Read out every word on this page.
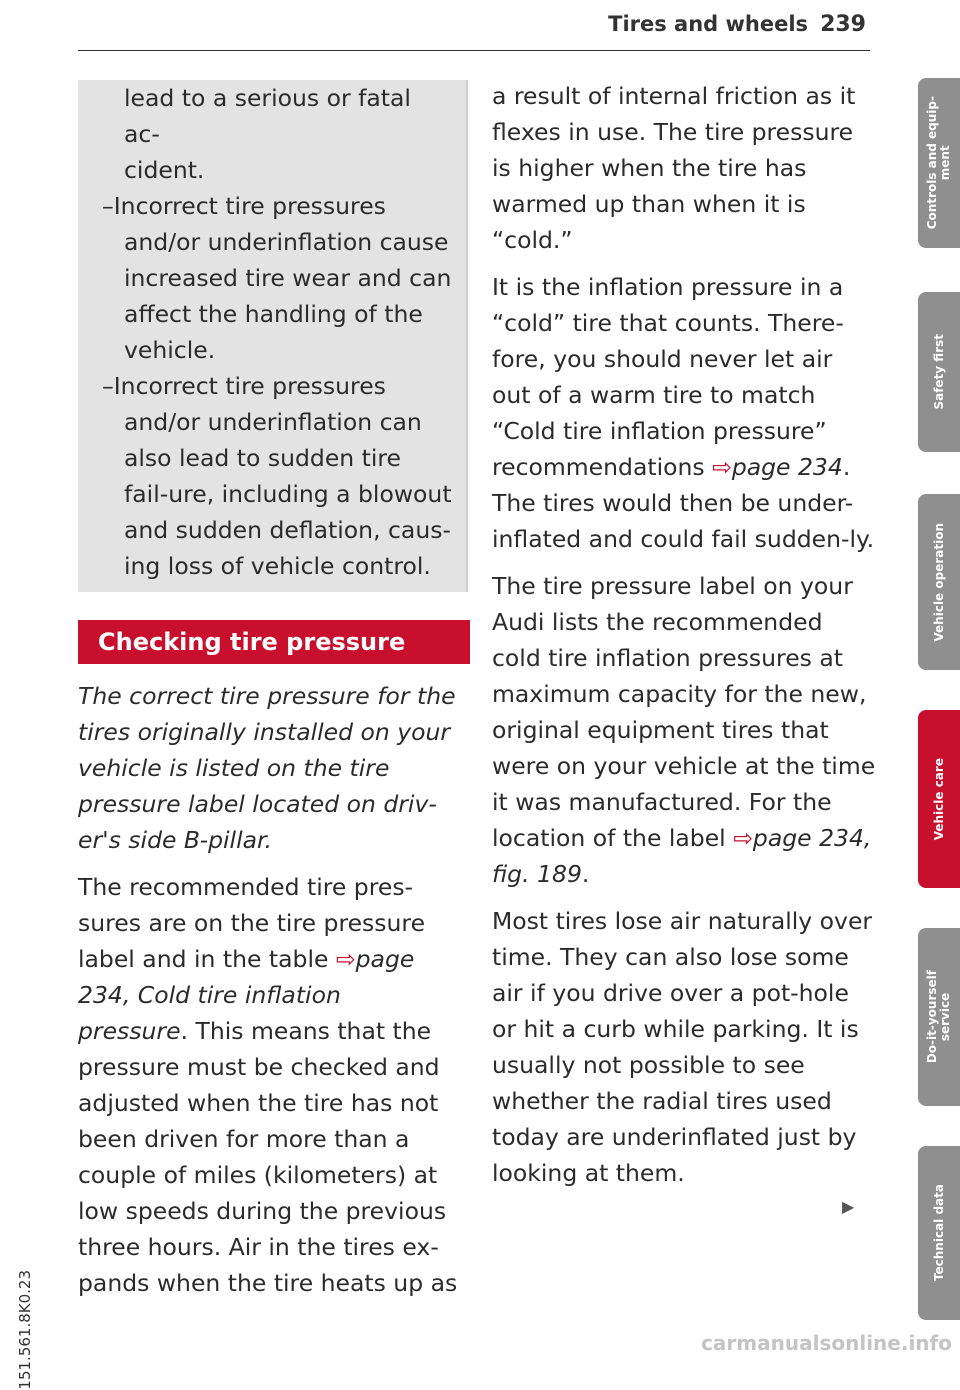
Tires and wheels 239

lead to a serious or fatal ac-

cident.

–Incorrect tire pressures and/or underinflation cause increased tire wear and can affect the handling of the vehicle.

–Incorrect tire pressures and/or underinflation can also lead to sudden tire fail-ure, including a blowout and sudden deflation, caus-ing loss of vehicle control.

Checking tire pressure

The correct tire pressure for the tires originally installed on your vehicle is listed on the tire pressure label located on driv-er's side B-pillar.

The recommended tire pres-sures are on the tire pressure label and in the table ⇨page 234, Cold tire inflation pressure. This means that the pressure must be checked and adjusted when the tire has not been driven for more than a couple of miles (kilometers) at low speeds during the previous three hours. Air in the tires ex-pands when the tire heats up as

a result of internal friction as it flexes in use. The tire pressure is higher when the tire has warmed up than when it is “cold.”

It is the inflation pressure in a “cold” tire that counts. There-fore, you should never let air out of a warm tire to match “Cold tire inflation pressure” recommendations ⇨page 234. The tires would then be under-inflated and could fail sudden-ly.

The tire pressure label on your Audi lists the recommended cold tire inflation pressures at maximum capacity for the new, original equipment tires that were on your vehicle at the time it was manufactured. For the location of the label ⇨page 234, fig. 189.

Most tires lose air naturally over time. They can also lose some air if you drive over a pot-hole or hit a curb while parking. It is usually not possible to see whether the radial tires used today are underinflated just by looking at them.

▶
Controls and equip-
ment
Safety first
Vehicle operation
Vehicle care
Do-it-yourself
service
Technical data
151.561.8K0.23	carmanualsonline.info
